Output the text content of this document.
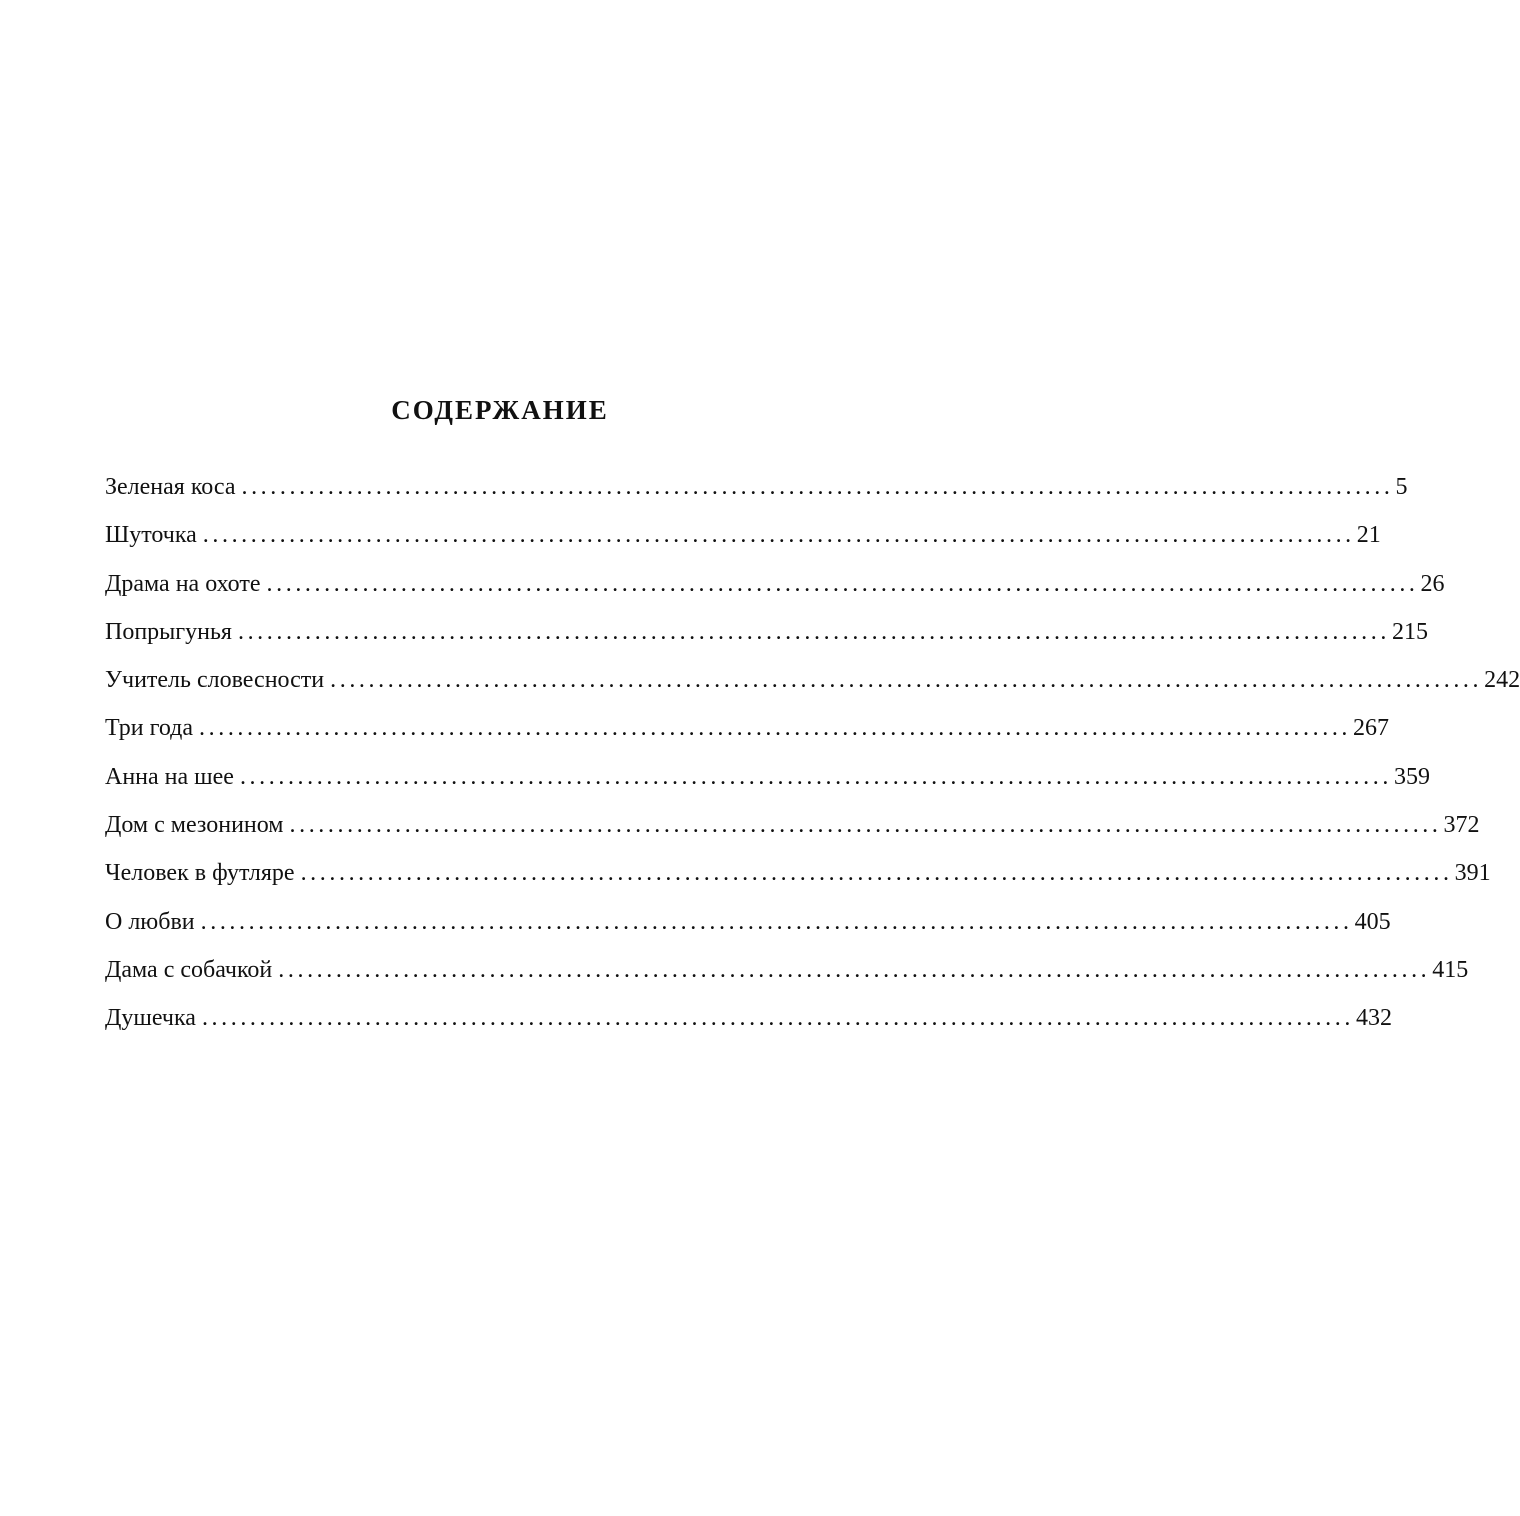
СОДЕРЖАНИЕ
Зеленая коса ........................................................................................................................ 5
Шуточка ........................................................................................................................ 21
Драма на охоте ........................................................................................................................ 26
Попрыгунья ........................................................................................................................ 215
Учитель словесности ........................................................................................................................ 242
Три года ........................................................................................................................ 267
Анна на шее ........................................................................................................................ 359
Дом с мезонином ........................................................................................................................ 372
Человек в футляре ........................................................................................................................ 391
О любви ........................................................................................................................ 405
Дама с собачкой ........................................................................................................................ 415
Душечка ........................................................................................................................ 432
